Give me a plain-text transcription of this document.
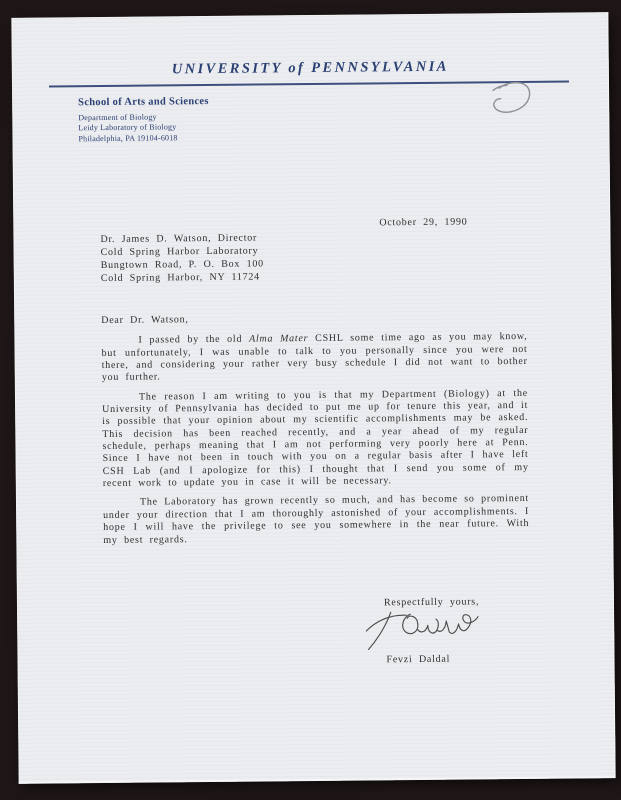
UNIVERSITY of PENNSYLVANIA
School of Arts and Sciences
Department of Biology
Leidy Laboratory of Biology
Philadelphia, PA 19104-6018
October 29, 1990
Dr. James D. Watson, Director
Cold Spring Harbor Laboratory
Bungtown Road, P. O. Box 100
Cold Spring Harbor, NY 11724

Dear Dr. Watson,

I passed by the old Alma Mater CSHL some time ago as you may know, but unfortunately, I was unable to talk to you personally since you were not there, and considering your rather very busy schedule I did not want to bother you further.

The reason I am writing to you is that my Department (Biology) at the University of Pennsylvania has decided to put me up for tenure this year, and it is possible that your opinion about my scientific accomplishments may be asked. This decision has been reached recently, and a year ahead of my regular schedule, perhaps meaning that I am not performing very poorly here at Penn. Since I have not been in touch with you on a regular basis after I have left CSH Lab (and I apologize for this) I thought that I send you some of my recent work to update you in case it will be necessary.

The Laboratory has grown recently so much, and has become so prominent under your direction that I am thoroughly astonished of your accomplishments. I hope I will have the privilege to see you somewhere in the near future. With my best regards.

Respectfully yours,
Fevzi Daldal
